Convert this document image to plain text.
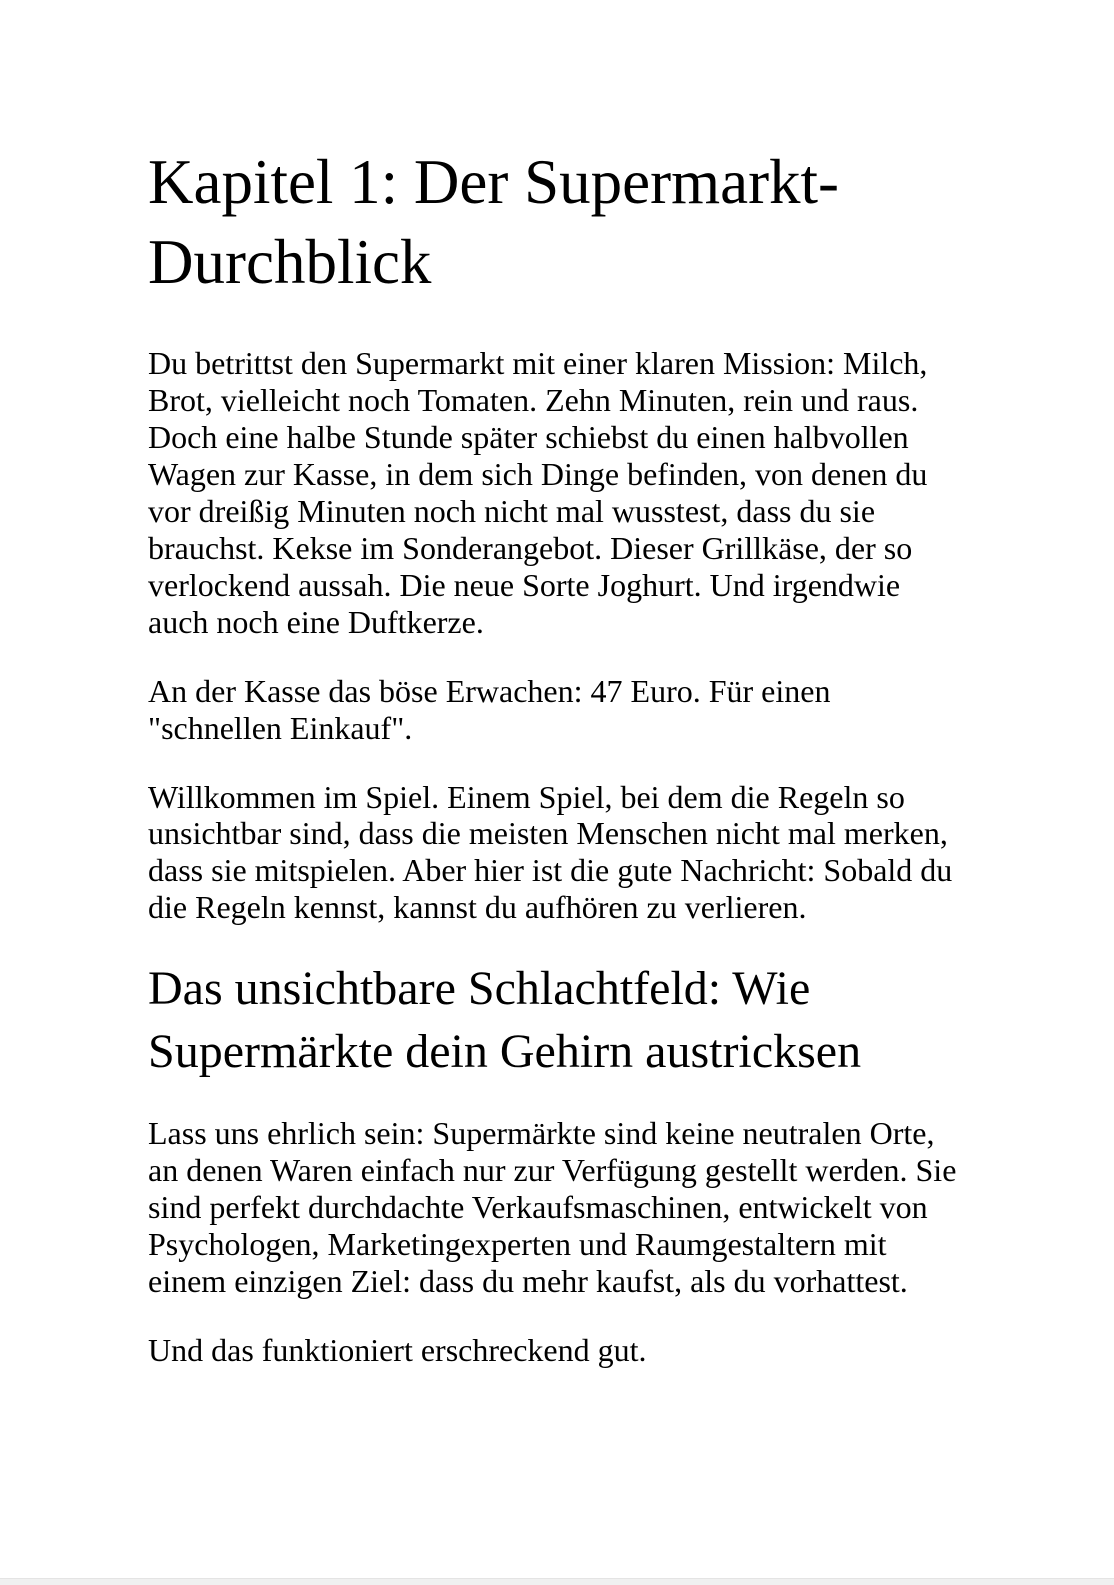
Kapitel 1: Der Supermarkt-Durchblick

Du betrittst den Supermarkt mit einer klaren Mission: Milch, Brot, vielleicht noch Tomaten. Zehn Minuten, rein und raus. Doch eine halbe Stunde später schiebst du einen halbvollen Wagen zur Kasse, in dem sich Dinge befinden, von denen du vor dreißig Minuten noch nicht mal wusstest, dass du sie brauchst. Kekse im Sonderangebot. Dieser Grillkäse, der so verlockend aussah. Die neue Sorte Joghurt. Und irgendwie auch noch eine Duftkerze.

An der Kasse das böse Erwachen: 47 Euro. Für einen "schnellen Einkauf".

Willkommen im Spiel. Einem Spiel, bei dem die Regeln so unsichtbar sind, dass die meisten Menschen nicht mal merken, dass sie mitspielen. Aber hier ist die gute Nachricht: Sobald du die Regeln kennst, kannst du aufhören zu verlieren.

Das unsichtbare Schlachtfeld: Wie Supermärkte dein Gehirn austricksen

Lass uns ehrlich sein: Supermärkte sind keine neutralen Orte, an denen Waren einfach nur zur Verfügung gestellt werden. Sie sind perfekt durchdachte Verkaufsmaschinen, entwickelt von Psychologen, Marketingexperten und Raumgestaltern mit einem einzigen Ziel: dass du mehr kaufst, als du vorhattest.

Und das funktioniert erschreckend gut.
